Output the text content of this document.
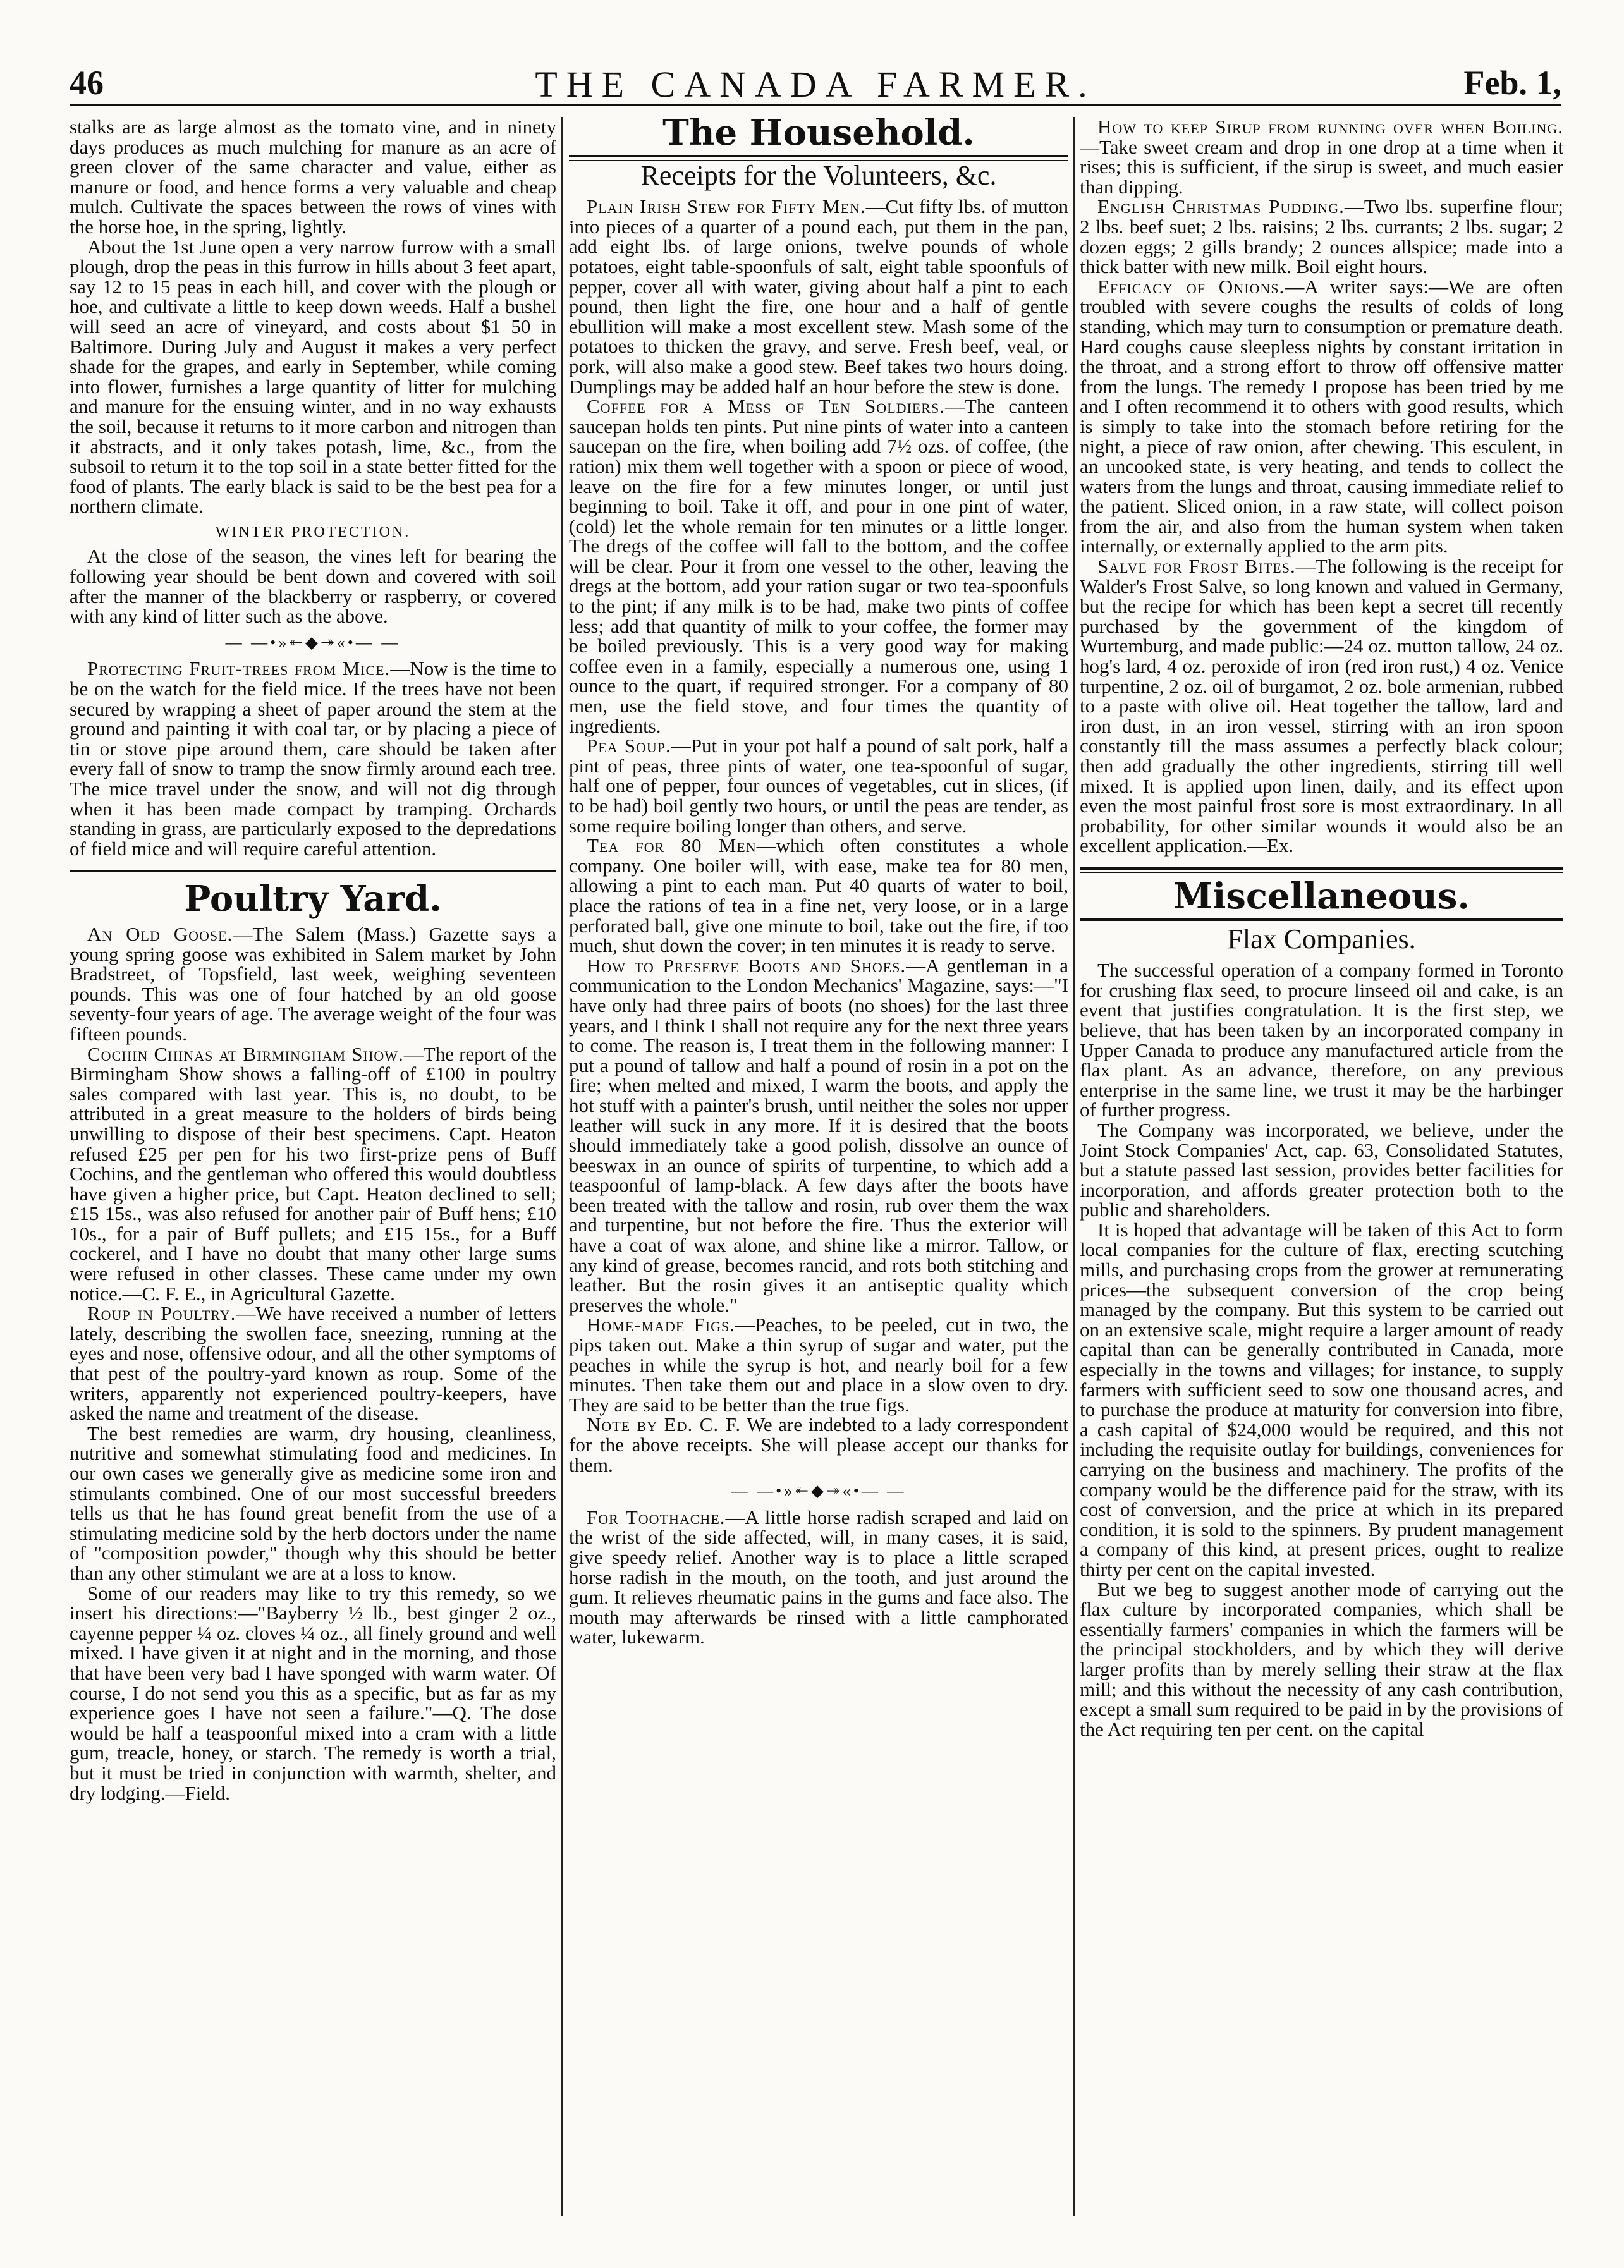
46	THE CANADA FARMER.	Feb. 1,

stalks are as large almost as the tomato vine, and in ninety days produces as much mulching for manure as an acre of green clover of the same character and value, either as manure or food, and hence forms a very valuable and cheap mulch. Cultivate the spaces between the rows of vines with the horse hoe, in the spring, lightly.

About the 1st June open a very narrow furrow with a small plough, drop the peas in this furrow in hills about 3 feet apart, say 12 to 15 peas in each hill, and cover with the plough or hoe, and cultivate a little to keep down weeds. Half a bushel will seed an acre of vineyard, and costs about $1 50 in Baltimore. During July and August it makes a very perfect shade for the grapes, and early in September, while coming into flower, furnishes a large quantity of litter for mulching and manure for the ensuing winter, and in no way exhausts the soil, because it returns to it more carbon and nitrogen than it abstracts, and it only takes potash, lime, &c., from the subsoil to return it to the top soil in a state better fitted for the food of plants. The early black is said to be the best pea for a northern climate.

WINTER PROTECTION.

At the close of the season, the vines left for bearing the following year should be bent down and covered with soil after the manner of the blackberry or raspberry, or covered with any kind of litter such as the above.

— —•»↞◆↠«•— —

Protecting Fruit-trees from Mice.—Now is the time to be on the watch for the field mice. If the trees have not been secured by wrapping a sheet of paper around the stem at the ground and painting it with coal tar, or by placing a piece of tin or stove pipe around them, care should be taken after every fall of snow to tramp the snow firmly around each tree. The mice travel under the snow, and will not dig through when it has been made compact by tramping. Orchards standing in grass, are particularly exposed to the depredations of field mice and will require careful attention.

Poultry Yard.

An Old Goose.—The Salem (Mass.) Gazette says a young spring goose was exhibited in Salem market by John Bradstreet, of Topsfield, last week, weighing seventeen pounds. This was one of four hatched by an old goose seventy-four years of age. The average weight of the four was fifteen pounds.

Cochin Chinas at Birmingham Show.—The report of the Birmingham Show shows a falling-off of £100 in poultry sales compared with last year. This is, no doubt, to be attributed in a great measure to the holders of birds being unwilling to dispose of their best specimens. Capt. Heaton refused £25 per pen for his two first-prize pens of Buff Cochins, and the gentleman who offered this would doubtless have given a higher price, but Capt. Heaton declined to sell; £15 15s., was also refused for another pair of Buff hens; £10 10s., for a pair of Buff pullets; and £15 15s., for a Buff cockerel, and I have no doubt that many other large sums were refused in other classes. These came under my own notice.—C. F. E., in Agricultural Gazette.

Roup in Poultry.—We have received a number of letters lately, describing the swollen face, sneezing, running at the eyes and nose, offensive odour, and all the other symptoms of that pest of the poultry-yard known as roup. Some of the writers, apparently not experienced poultry-keepers, have asked the name and treatment of the disease.

The best remedies are warm, dry housing, cleanliness, nutritive and somewhat stimulating food and medicines. In our own cases we generally give as medicine some iron and stimulants combined. One of our most successful breeders tells us that he has found great benefit from the use of a stimulating medicine sold by the herb doctors under the name of "composition powder," though why this should be better than any other stimulant we are at a loss to know.

Some of our readers may like to try this remedy, so we insert his directions:—"Bayberry ½ lb., best ginger 2 oz., cayenne pepper ¼ oz. cloves ¼ oz., all finely ground and well mixed. I have given it at night and in the morning, and those that have been very bad I have sponged with warm water. Of course, I do not send you this as a specific, but as far as my experience goes I have not seen a failure."—Q. The dose would be half a teaspoonful mixed into a cram with a little gum, treacle, honey, or starch. The remedy is worth a trial, but it must be tried in conjunction with warmth, shelter, and dry lodging.—Field.

The Household.
Receipts for the Volunteers, &c.

Plain Irish Stew for Fifty Men.—Cut fifty lbs. of mutton into pieces of a quarter of a pound each, put them in the pan, add eight lbs. of large onions, twelve pounds of whole potatoes, eight table-spoonfuls of salt, eight table spoonfuls of pepper, cover all with water, giving about half a pint to each pound, then light the fire, one hour and a half of gentle ebullition will make a most excellent stew. Mash some of the potatoes to thicken the gravy, and serve. Fresh beef, veal, or pork, will also make a good stew. Beef takes two hours doing. Dumplings may be added half an hour before the stew is done.

Coffee for a Mess of Ten Soldiers.—The canteen saucepan holds ten pints. Put nine pints of water into a canteen saucepan on the fire, when boiling add 7½ ozs. of coffee, (the ration) mix them well together with a spoon or piece of wood, leave on the fire for a few minutes longer, or until just beginning to boil. Take it off, and pour in one pint of water, (cold) let the whole remain for ten minutes or a little longer. The dregs of the coffee will fall to the bottom, and the coffee will be clear. Pour it from one vessel to the other, leaving the dregs at the bottom, add your ration sugar or two tea-spoonfuls to the pint; if any milk is to be had, make two pints of coffee less; add that quantity of milk to your coffee, the former may be boiled previously. This is a very good way for making coffee even in a family, especially a numerous one, using 1 ounce to the quart, if required stronger. For a company of 80 men, use the field stove, and four times the quantity of ingredients.

Pea Soup.—Put in your pot half a pound of salt pork, half a pint of peas, three pints of water, one tea-spoonful of sugar, half one of pepper, four ounces of vegetables, cut in slices, (if to be had) boil gently two hours, or until the peas are tender, as some require boiling longer than others, and serve.

Tea for 80 Men—which often constitutes a whole company. One boiler will, with ease, make tea for 80 men, allowing a pint to each man. Put 40 quarts of water to boil, place the rations of tea in a fine net, very loose, or in a large perforated ball, give one minute to boil, take out the fire, if too much, shut down the cover; in ten minutes it is ready to serve.

How to Preserve Boots and Shoes.—A gentleman in a communication to the London Mechanics' Magazine, says:—"I have only had three pairs of boots (no shoes) for the last three years, and I think I shall not require any for the next three years to come. The reason is, I treat them in the following manner: I put a pound of tallow and half a pound of rosin in a pot on the fire; when melted and mixed, I warm the boots, and apply the hot stuff with a painter's brush, until neither the soles nor upper leather will suck in any more. If it is desired that the boots should immediately take a good polish, dissolve an ounce of beeswax in an ounce of spirits of turpentine, to which add a teaspoonful of lamp-black. A few days after the boots have been treated with the tallow and rosin, rub over them the wax and turpentine, but not before the fire. Thus the exterior will have a coat of wax alone, and shine like a mirror. Tallow, or any kind of grease, becomes rancid, and rots both stitching and leather. But the rosin gives it an antiseptic quality which preserves the whole."

Home-made Figs.—Peaches, to be peeled, cut in two, the pips taken out. Make a thin syrup of sugar and water, put the peaches in while the syrup is hot, and nearly boil for a few minutes. Then take them out and place in a slow oven to dry. They are said to be better than the true figs.

Note by Ed. C. F. We are indebted to a lady correspondent for the above receipts. She will please accept our thanks for them.

— —•»↞◆↠«•— —

For Toothache.—A little horse radish scraped and laid on the wrist of the side affected, will, in many cases, it is said, give speedy relief. Another way is to place a little scraped horse radish in the mouth, on the tooth, and just around the gum. It relieves rheumatic pains in the gums and face also. The mouth may afterwards be rinsed with a little camphorated water, lukewarm.

How to keep Sirup from running over when Boiling.—Take sweet cream and drop in one drop at a time when it rises; this is sufficient, if the sirup is sweet, and much easier than dipping.

English Christmas Pudding.—Two lbs. superfine flour; 2 lbs. beef suet; 2 lbs. raisins; 2 lbs. currants; 2 lbs. sugar; 2 dozen eggs; 2 gills brandy; 2 ounces allspice; made into a thick batter with new milk. Boil eight hours.

Efficacy of Onions.—A writer says:—We are often troubled with severe coughs the results of colds of long standing, which may turn to consumption or premature death. Hard coughs cause sleepless nights by constant irritation in the throat, and a strong effort to throw off offensive matter from the lungs. The remedy I propose has been tried by me and I often recommend it to others with good results, which is simply to take into the stomach before retiring for the night, a piece of raw onion, after chewing. This esculent, in an uncooked state, is very heating, and tends to collect the waters from the lungs and throat, causing immediate relief to the patient. Sliced onion, in a raw state, will collect poison from the air, and also from the human system when taken internally, or externally applied to the arm pits.

Salve for Frost Bites.—The following is the receipt for Walder's Frost Salve, so long known and valued in Germany, but the recipe for which has been kept a secret till recently purchased by the government of the kingdom of Wurtemburg, and made public:—24 oz. mutton tallow, 24 oz. hog's lard, 4 oz. peroxide of iron (red iron rust,) 4 oz. Venice turpentine, 2 oz. oil of burgamot, 2 oz. bole armenian, rubbed to a paste with olive oil. Heat together the tallow, lard and iron dust, in an iron vessel, stirring with an iron spoon constantly till the mass assumes a perfectly black colour; then add gradually the other ingredients, stirring till well mixed. It is applied upon linen, daily, and its effect upon even the most painful frost sore is most extraordinary. In all probability, for other similar wounds it would also be an excellent application.—Ex.

Miscellaneous.
Flax Companies.

The successful operation of a company formed in Toronto for crushing flax seed, to procure linseed oil and cake, is an event that justifies congratulation. It is the first step, we believe, that has been taken by an incorporated company in Upper Canada to produce any manufactured article from the flax plant. As an advance, therefore, on any previous enterprise in the same line, we trust it may be the harbinger of further progress.

The Company was incorporated, we believe, under the Joint Stock Companies' Act, cap. 63, Consolidated Statutes, but a statute passed last session, provides better facilities for incorporation, and affords greater protection both to the public and shareholders.

It is hoped that advantage will be taken of this Act to form local companies for the culture of flax, erecting scutching mills, and purchasing crops from the grower at remunerating prices—the subsequent conversion of the crop being managed by the company. But this system to be carried out on an extensive scale, might require a larger amount of ready capital than can be generally contributed in Canada, more especially in the towns and villages; for instance, to supply farmers with sufficient seed to sow one thousand acres, and to purchase the produce at maturity for conversion into fibre, a cash capital of $24,000 would be required, and this not including the requisite outlay for buildings, conveniences for carrying on the business and machinery. The profits of the company would be the difference paid for the straw, with its cost of conversion, and the price at which in its prepared condition, it is sold to the spinners. By prudent management a company of this kind, at present prices, ought to realize thirty per cent on the capital invested.

But we beg to suggest another mode of carrying out the flax culture by incorporated companies, which shall be essentially farmers' companies in which the farmers will be the principal stockholders, and by which they will derive larger profits than by merely selling their straw at the flax mill; and this without the necessity of any cash contribution, except a small sum required to be paid in by the provisions of the Act requiring ten per cent. on the capital
